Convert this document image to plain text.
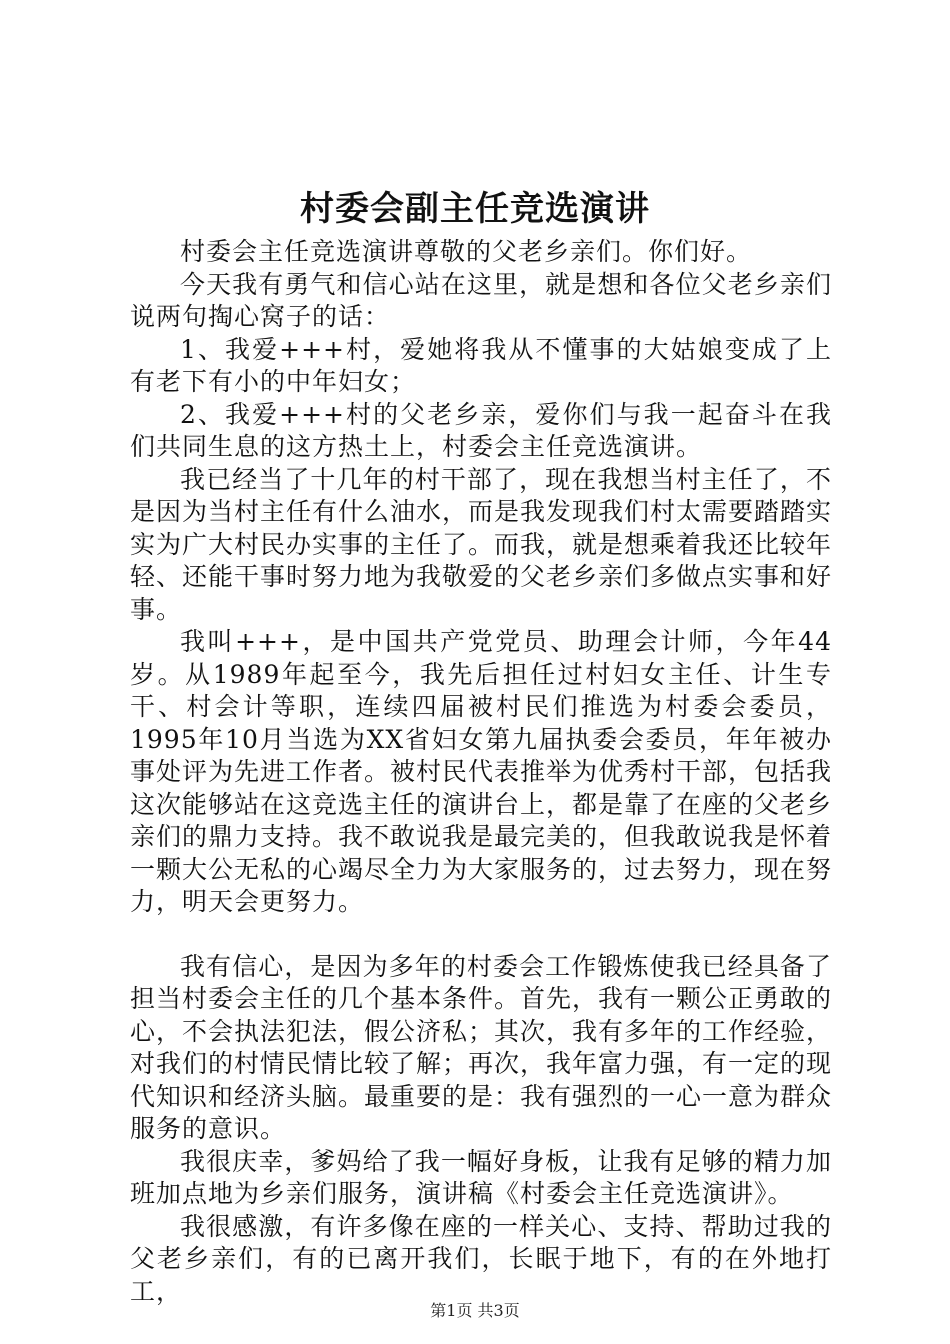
村委会副主任竞选演讲

村委会主任竞选演讲尊敬的父老乡亲们。你们好。

今天我有勇气和信心站在这里，就是想和各位父老乡亲们说两句掏心窝子的话：

1、我爱+++村，爱她将我从不懂事的大姑娘变成了上有老下有小的中年妇女；

2、我爱+++村的父老乡亲，爱你们与我一起奋斗在我们共同生息的这方热土上，村委会主任竞选演讲。

我已经当了十几年的村干部了，现在我想当村主任了，不是因为当村主任有什么油水，而是我发现我们村太需要踏踏实实为广大村民办实事的主任了。而我，就是想乘着我还比较年轻、还能干事时努力地为我敬爱的父老乡亲们多做点实事和好事。

我叫+++，是中国共产党党员、助理会计师，今年44岁。从1989年起至今，我先后担任过村妇女主任、计生专干、村会计等职，连续四届被村民们推选为村委会委员，1995年10月当选为XX省妇女第九届执委会委员，年年被办事处评为先进工作者。被村民代表推举为优秀村干部，包括我这次能够站在这竞选主任的演讲台上，都是靠了在座的父老乡亲们的鼎力支持。我不敢说我是最完美的，但我敢说我是怀着一颗大公无私的心竭尽全力为大家服务的，过去努力，现在努力，明天会更努力。

我有信心，是因为多年的村委会工作锻炼使我已经具备了担当村委会主任的几个基本条件。首先，我有一颗公正勇敢的心，不会执法犯法，假公济私；其次，我有多年的工作经验，对我们的村情民情比较了解；再次，我年富力强，有一定的现代知识和经济头脑。最重要的是：我有强烈的一心一意为群众服务的意识。

我很庆幸，爹妈给了我一幅好身板，让我有足够的精力加班加点地为乡亲们服务，演讲稿《村委会主任竞选演讲》。

我很感激，有许多像在座的一样关心、支持、帮助过我的父老乡亲们，有的已离开我们，长眠于地下，有的在外地打工，

第1页 共3页
